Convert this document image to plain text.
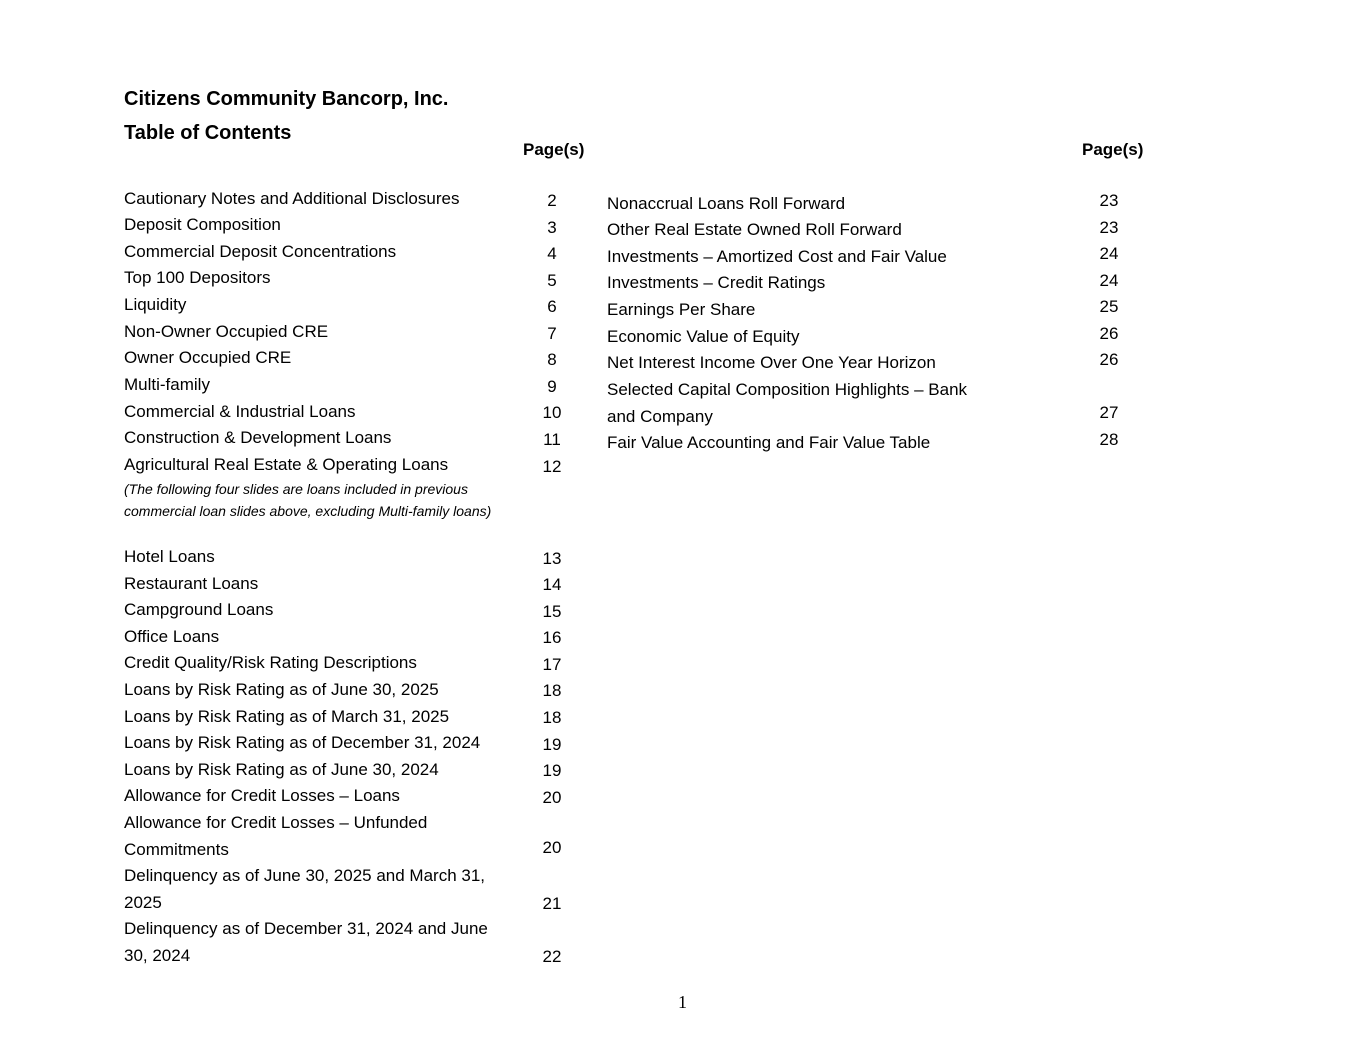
Citizens Community Bancorp, Inc.
Table of Contents
Page(s)	Page(s)
Cautionary Notes and Additional Disclosures	2
Deposit Composition	3
Commercial Deposit Concentrations	4
Top 100 Depositors	5
Liquidity	6
Non-Owner Occupied CRE	7
Owner Occupied CRE	8
Multi-family	9
Commercial & Industrial Loans	10
Construction & Development Loans	11
Agricultural Real Estate & Operating Loans	12
(The following four slides are loans included in previous commercial loan slides above, excluding Multi-family loans)
Hotel Loans	13
Restaurant Loans	14
Campground Loans	15
Office Loans	16
Credit Quality/Risk Rating Descriptions	17
Loans by Risk Rating as of June 30, 2025	18
Loans by Risk Rating as of March 31, 2025	18
Loans by Risk Rating as of December 31, 2024	19
Loans by Risk Rating as of June 30, 2024	19
Allowance for Credit Losses – Loans	20
Allowance for Credit Losses – Unfunded
Commitments	20
Delinquency as of June 30, 2025 and March 31,
2025	21
Delinquency as of December 31, 2024 and June
30, 2024	22
Nonaccrual Loans Roll Forward	23
Other Real Estate Owned Roll Forward	23
Investments – Amortized Cost and Fair Value	24
Investments – Credit Ratings	24
Earnings Per Share	25
Economic Value of Equity	26
Net Interest Income Over One Year Horizon	26
Selected Capital Composition Highlights – Bank
and Company	27
Fair Value Accounting and Fair Value Table	28
1
